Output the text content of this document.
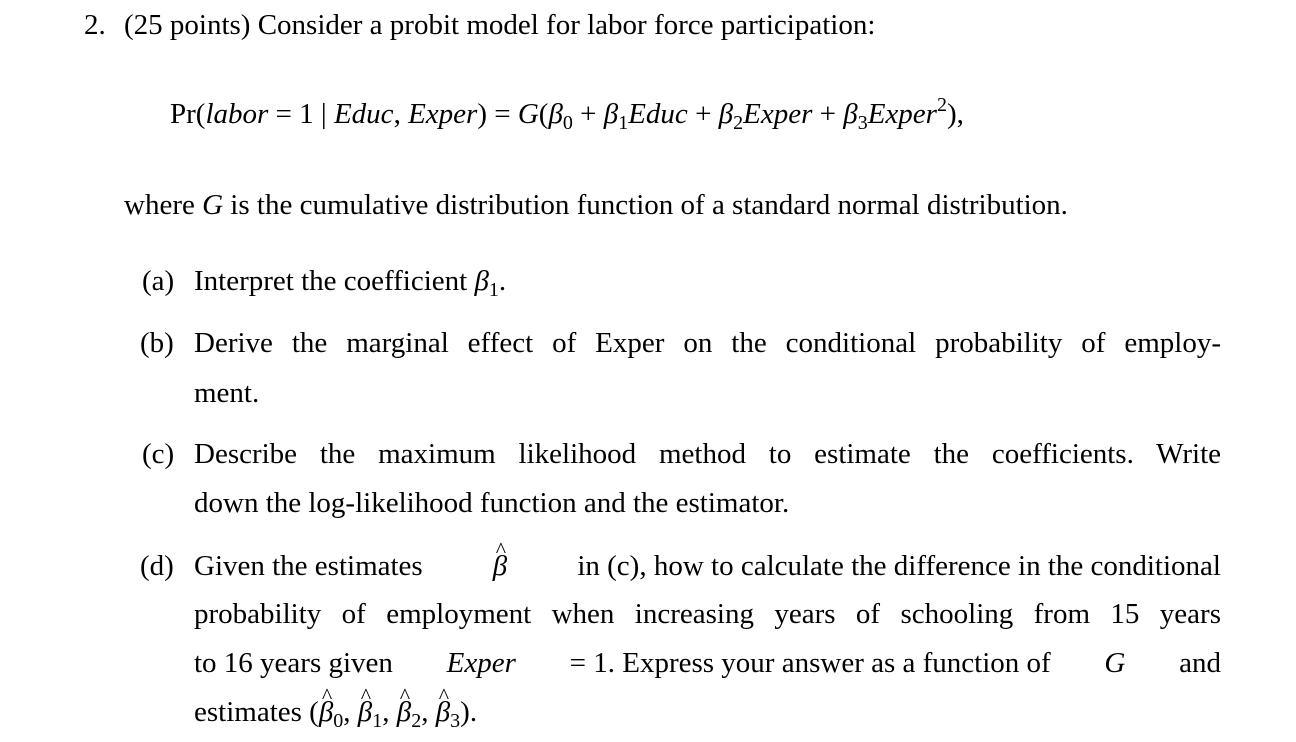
2. (25 points) Consider a probit model for labor force participation:
Pr(labor = 1 | Educ, Exper) = $G(\beta_0$ + $\beta_1Educ$ + $\beta_2Exper$ + $\beta_3Exper^2$),
where G is the cumulative distribution function of a standard normal distribution.
(a) Interpret the coefficient $\beta_1$.
(b) Derive the marginal effect of Exper on the conditional probability of employ-
ment.
(c) Describe the maximum likelihood method to estimate the coefficients. Write
down the log-likelihood function and the estimator.
(d) Given the estimates
^ β in (c), how to calculate the difference in the conditional
probability of employment when increasing years of schooling from 15 years
to 16 years given Exper = 1. Express your answer as a function of G and
estimates (^ $\beta_0$, ^ $\beta_1$, ^ $\beta_2$, ^ $\beta_3$).
